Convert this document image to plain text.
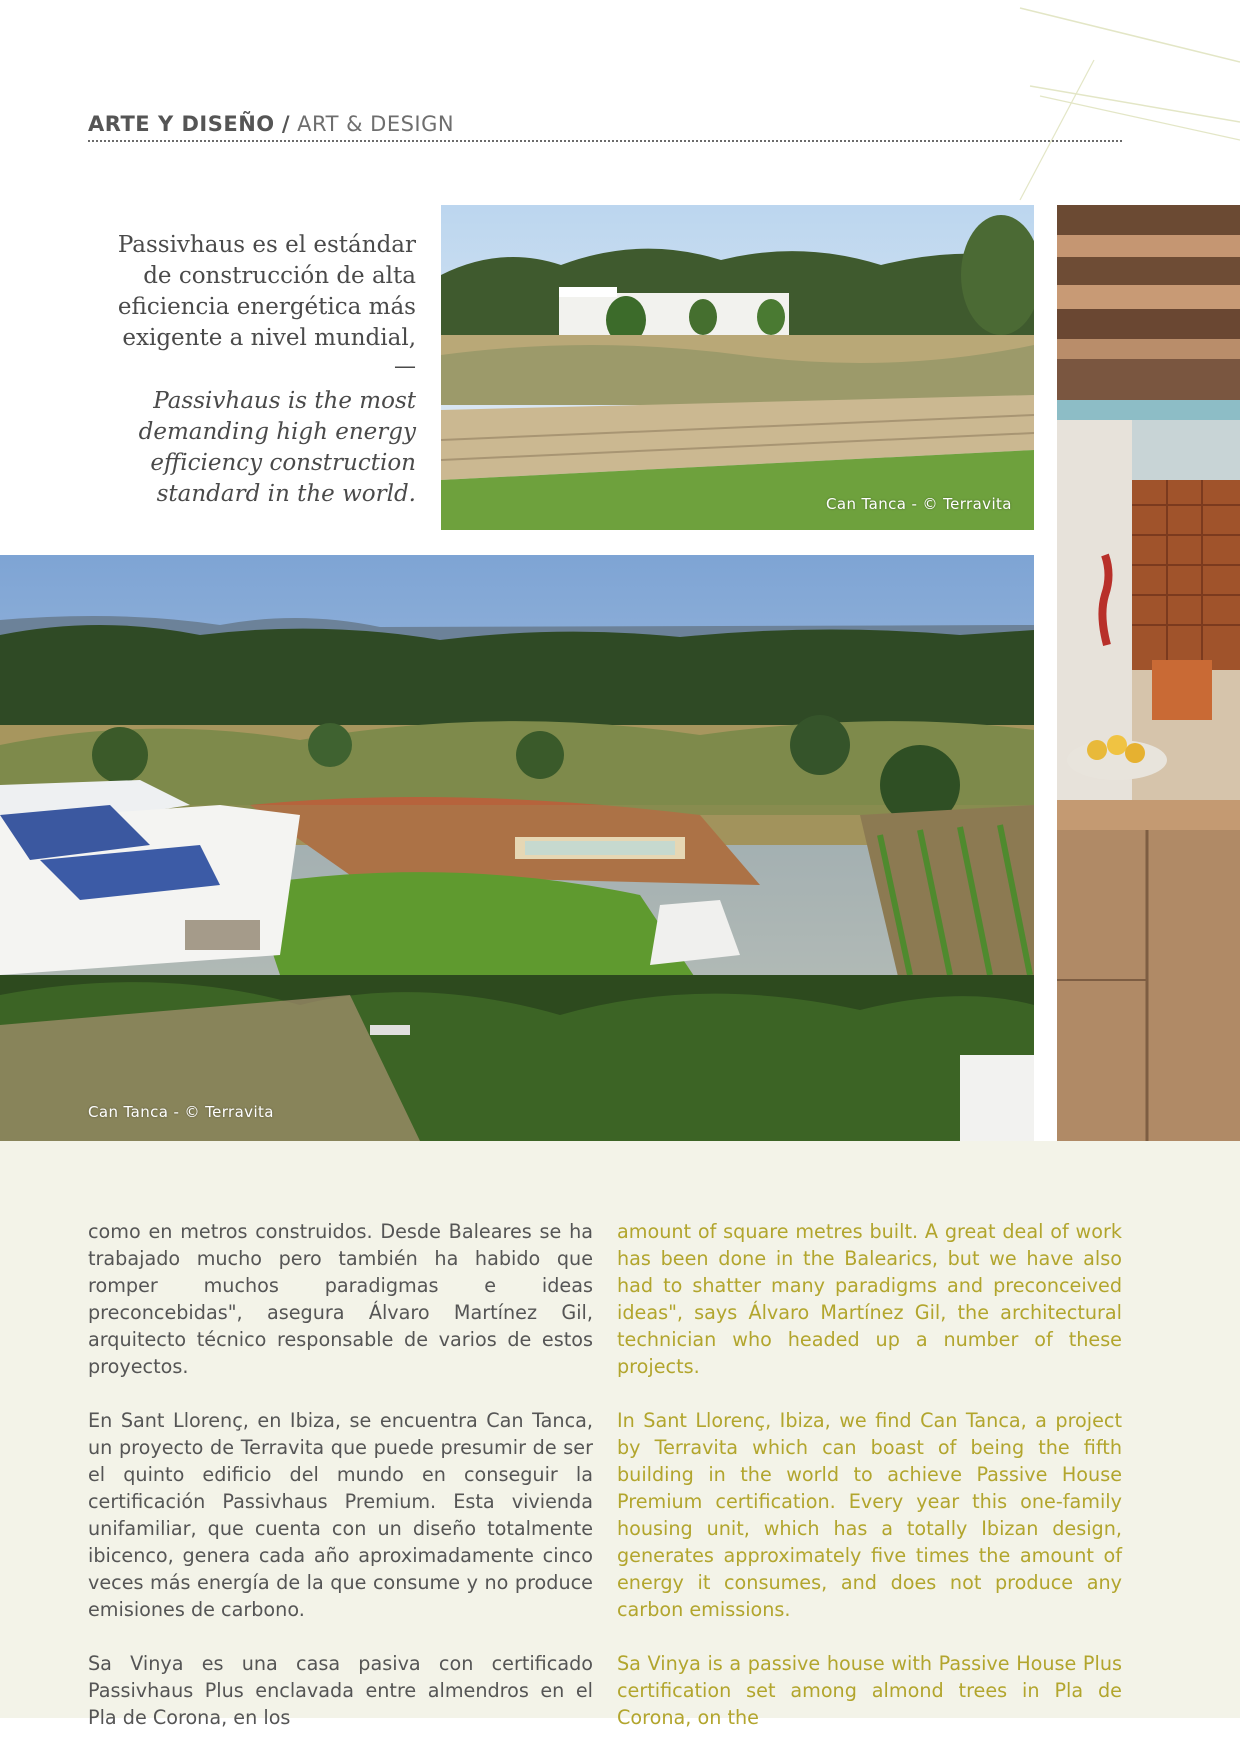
ARTE Y DISEÑO / ART & DESIGN
Passivhaus es el estándar de construcción de alta eficiencia energética más exigente a nivel mundial,
—
Passivhaus is the most demanding high energy efficiency construction standard in the world.	Can Tanca - © Terravita
Can Tanca - © Terravita

como en metros construidos. Desde Baleares se ha trabajado mucho pero también ha habido que romper muchos paradigmas e ideas preconcebidas", asegura Álvaro Martínez Gil, arquitecto técnico responsable de varios de estos proyectos.

En Sant Llorenç, en Ibiza, se encuentra Can Tanca, un proyecto de Terravita que puede presumir de ser el quinto edificio del mundo en conseguir la certificación Passivhaus Premium. Esta vivienda unifamiliar, que cuenta con un diseño totalmente ibicenco, genera cada año aproximadamente cinco veces más energía de la que consume y no produce emisiones de carbono.

Sa Vinya es una casa pasiva con certificado Passivhaus Plus enclavada entre almendros en el Pla de Corona, en los

amount of square metres built. A great deal of work has been done in the Balearics, but we have also had to shatter many paradigms and preconceived ideas", says Álvaro Martínez Gil, the architectural technician who headed up a number of these projects.

In Sant Llorenç, Ibiza, we find Can Tanca, a project by Terravita which can boast of being the fifth building in the world to achieve Passive House Premium certification. Every year this one-family housing unit, which has a totally Ibizan design, generates approximately five times the amount of energy it consumes, and does not produce any carbon emissions.

Sa Vinya is a passive house with Passive House Plus certification set among almond trees in Pla de Corona, on the
